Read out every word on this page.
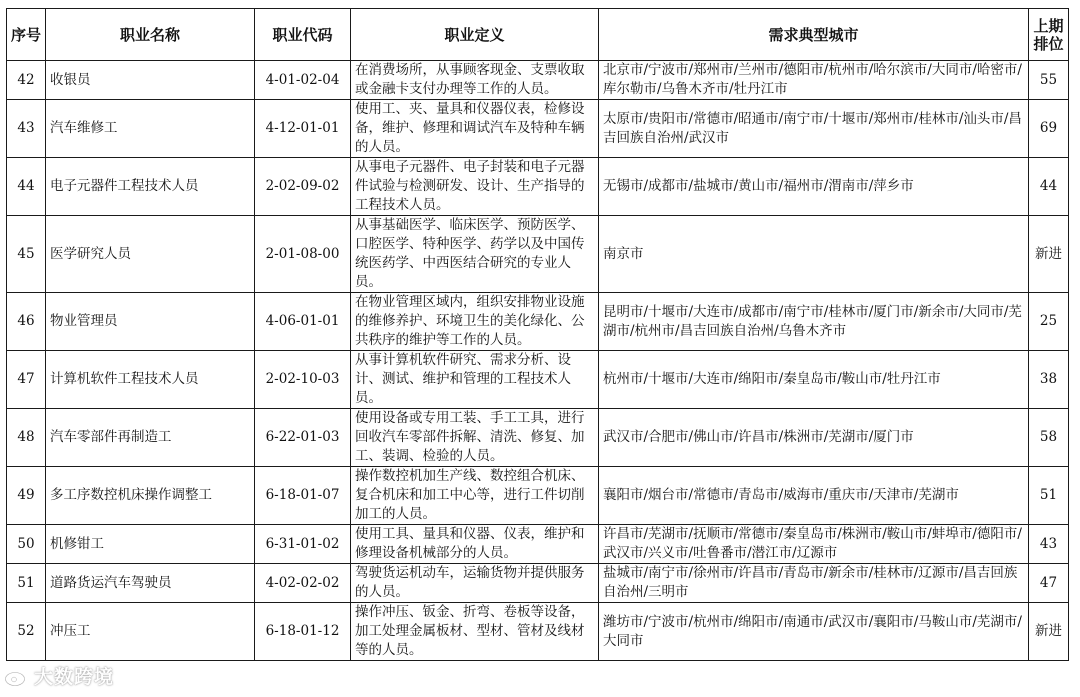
序号	职业名称	职业代码	职业定义	需求典型城市	上期排位
42	收银员	4-01-02-04	在消费场所，从事顾客现金、支票收取或金融卡支付办理等工作的人员。	北京市/宁波市/郑州市/兰州市/德阳市/杭州市/哈尔滨市/大同市/哈密市/库尔勒市/乌鲁木齐市/牡丹江市	55
43	汽车维修工	4-12-01-01	使用工、夹、量具和仪器仪表，检修设备，维护、修理和调试汽车及特种车辆的人员。	太原市/贵阳市/常德市/昭通市/南宁市/十堰市/郑州市/桂林市/汕头市/昌吉回族自治州/武汉市	69
44	电子元器件工程技术人员	2-02-09-02	从事电子元器件、电子封装和电子元器件试验与检测研发、设计、生产指导的工程技术人员。	无锡市/成都市/盐城市/黄山市/福州市/渭南市/萍乡市	44
45	医学研究人员	2-01-08-00	从事基础医学、临床医学、预防医学、口腔医学、特种医学、药学以及中国传统医药学、中西医结合研究的专业人员。	南京市	新进
46	物业管理员	4-06-01-01	在物业管理区域内，组织安排物业设施的维修养护、环境卫生的美化绿化、公共秩序的维护等工作的人员。	昆明市/十堰市/大连市/成都市/南宁市/桂林市/厦门市/新余市/大同市/芜湖市/杭州市/昌吉回族自治州/乌鲁木齐市	25
47	计算机软件工程技术人员	2-02-10-03	从事计算机软件研究、需求分析、设计、测试、维护和管理的工程技术人员。	杭州市/十堰市/大连市/绵阳市/秦皇岛市/鞍山市/牡丹江市	38
48	汽车零部件再制造工	6-22-01-03	使用设备或专用工装、手工工具，进行回收汽车零部件拆解、清洗、修复、加工、装调、检验的人员。	武汉市/合肥市/佛山市/许昌市/株洲市/芜湖市/厦门市	58
49	多工序数控机床操作调整工	6-18-01-07	操作数控机加生产线、数控组合机床、复合机床和加工中心等，进行工件切削加工的人员。	襄阳市/烟台市/常德市/青岛市/威海市/重庆市/天津市/芜湖市	51
50	机修钳工	6-31-01-02	使用工具、量具和仪器、仪表，维护和修理设备机械部分的人员。	许昌市/芜湖市/抚顺市/常德市/秦皇岛市/株洲市/鞍山市/蚌埠市/德阳市/武汉市/兴义市/吐鲁番市/潜江市/辽源市	43
51	道路货运汽车驾驶员	4-02-02-02	驾驶货运机动车，运输货物并提供服务的人员。	盐城市/南宁市/徐州市/许昌市/青岛市/新余市/桂林市/辽源市/昌吉回族自治州/三明市	47
52	冲压工	6-18-01-12	操作冲压、钣金、折弯、卷板等设备，加工处理金属板材、型材、管材及线材等的人员。	潍坊市/宁波市/杭州市/绵阳市/南通市/武汉市/襄阳市/马鞍山市/芜湖市/大同市	新进
大数跨境
